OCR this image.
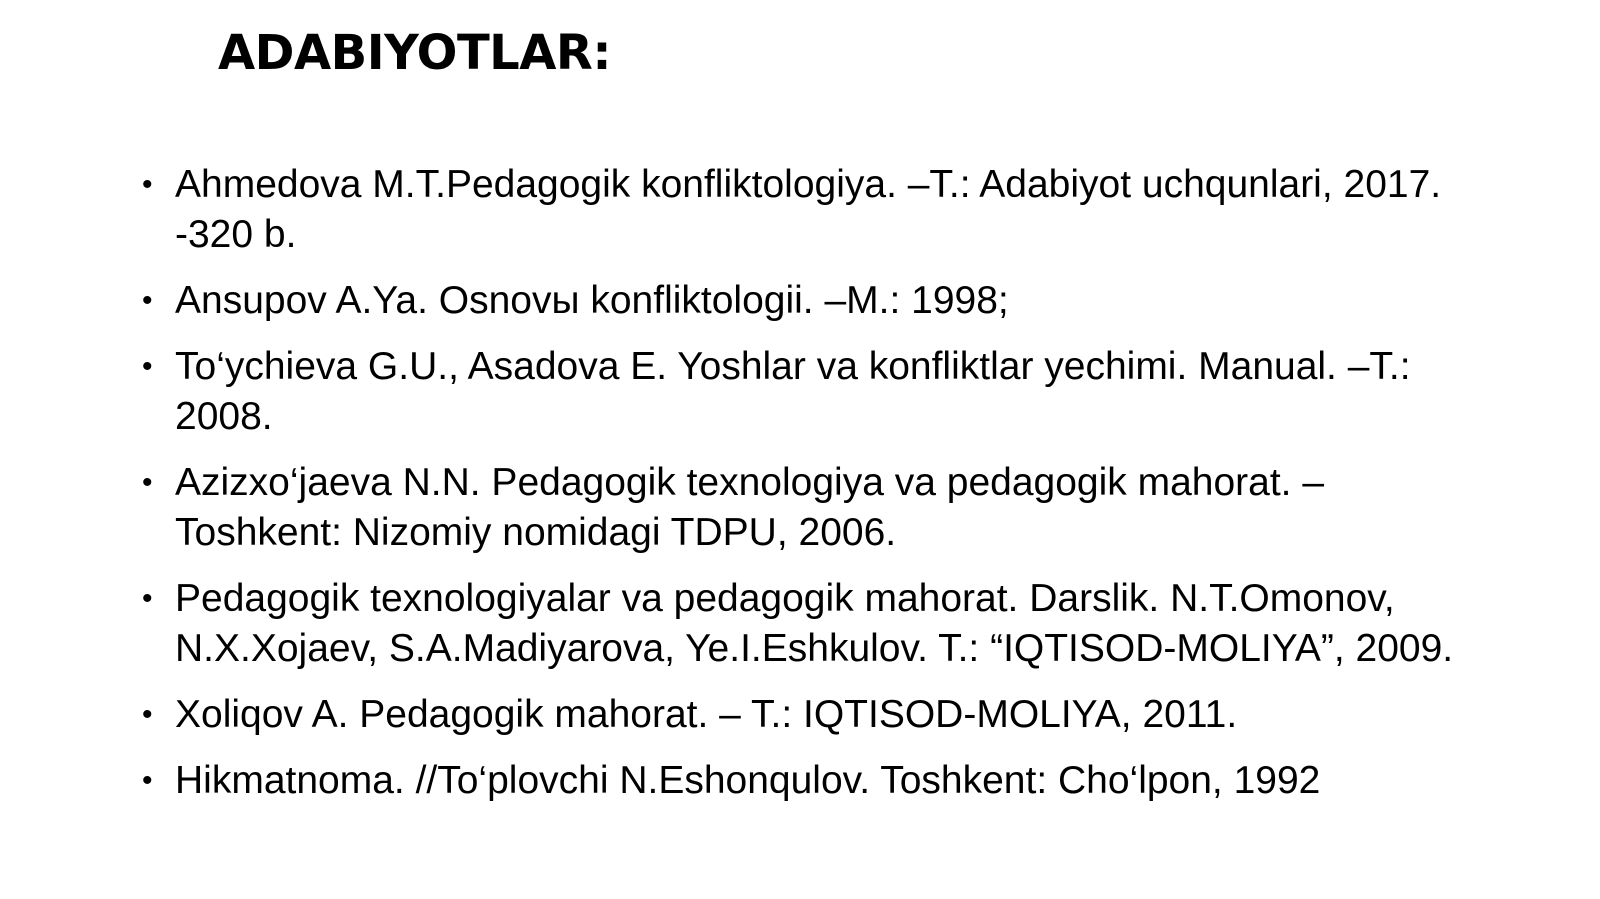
ADABIYOTLAR:
• Ahmedova M.T.Pedagogik konfliktologiya. –T.: Adabiyot uchqunlari, 2017. -320 b.
• Ansupov A.Ya. Osnovы konfliktologii. –M.: 1998;
• To‘ychieva G.U., Asadova E. Yoshlar va konfliktlar yechimi. Manual. –T.: 2008.
• Azizxo‘jaeva N.N. Pedagogik texnologiya va pedagogik mahorat. – Toshkent: Nizomiy nomidagi TDPU, 2006.
• Pedagogik texnologiyalar va pedagogik mahorat. Darslik. N.T.Omonov, N.X.Xojaev, S.A.Madiyarova, Ye.I.Eshkulov. T.: “IQTISOD-MOLIYA”, 2009.
• Xoliqov A. Pedagogik mahorat. – T.: IQTISOD-MOLIYA, 2011.
• Hikmatnoma. //To‘plovchi N.Eshonqulov. Toshkent: Cho‘lpon, 1992
